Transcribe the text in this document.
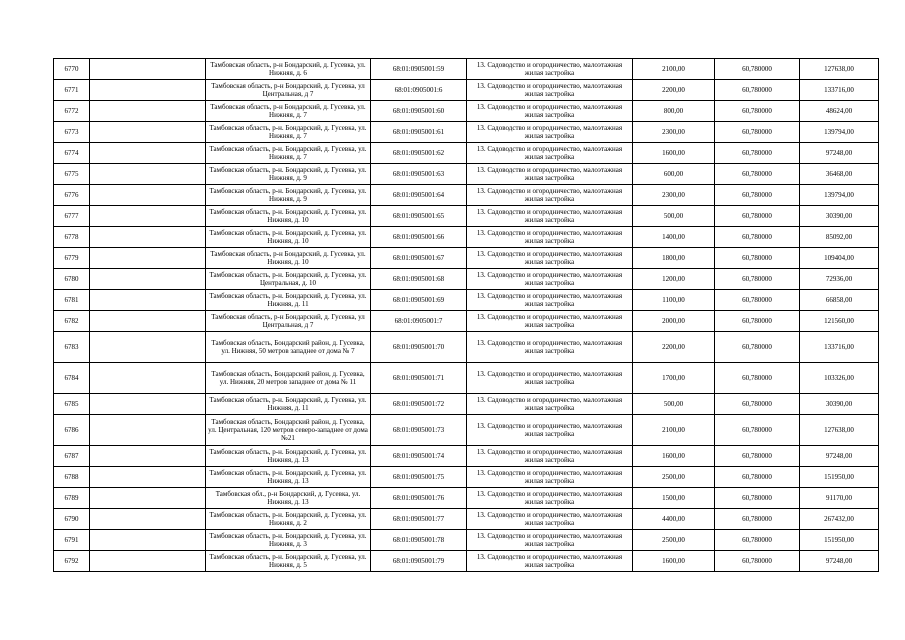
6770		Тамбовская область, р-н Бондарский, д. Гусевка, ул. Нижняя, д. 6	68:01:0905001:59	13. Садоводство и огородничество, малоэтажная жилая застройка	2100,00	60,780000	127638,00
6771		Тамбовская область, р-н Бондарский, д. Гусевка, ул Центральная, д 7	68:01:0905001:6	13. Садоводство и огородничество, малоэтажная жилая застройка	2200,00	60,780000	133716,00
6772		Тамбовская область, р-н Бондарский, д. Гусевка, ул. Нижняя, д. 7	68:01:0905001:60	13. Садоводство и огородничество, малоэтажная жилая застройка	800,00	60,780000	48624,00
6773		Тамбовская область, р-н. Бондарский, д. Гусевка, ул. Нижняя, д. 7	68:01:0905001:61	13. Садоводство и огородничество, малоэтажная жилая застройка	2300,00	60,780000	139794,00
6774		Тамбовская область, р-н. Бондарский, д. Гусевка, ул. Нижняя, д. 7	68:01:0905001:62	13. Садоводство и огородничество, малоэтажная жилая застройка	1600,00	60,780000	97248,00
6775		Тамбовская область, р-н. Бондарский, д. Гусевка, ул. Нижняя, д. 9	68:01:0905001:63	13. Садоводство и огородничество, малоэтажная жилая застройка	600,00	60,780000	36468,00
6776		Тамбовская область, р-н. Бондарский, д. Гусевка, ул. Нижняя, д. 9	68:01:0905001:64	13. Садоводство и огородничество, малоэтажная жилая застройка	2300,00	60,780000	139794,00
6777		Тамбовская область, р-н. Бондарский, д. Гусевка, ул. Нижняя, д. 10	68:01:0905001:65	13. Садоводство и огородничество, малоэтажная жилая застройка	500,00	60,780000	30390,00
6778		Тамбовская область, р-н. Бондарский, д. Гусевка, ул. Нижняя, д. 10	68:01:0905001:66	13. Садоводство и огородничество, малоэтажная жилая застройка	1400,00	60,780000	85092,00
6779		Тамбовская область, р-н Бондарский, д. Гусевка, ул. Нижняя, д. 10	68:01:0905001:67	13. Садоводство и огородничество, малоэтажная жилая застройка	1800,00	60,780000	109404,00
6780		Тамбовская область, р-н. Бондарский, д. Гусевка, ул. Центральная, д. 10	68:01:0905001:68	13. Садоводство и огородничество, малоэтажная жилая застройка	1200,00	60,780000	72936,00
6781		Тамбовская область, р-н. Бондарский, д. Гусевка, ул. Нижняя, д. 11	68:01:0905001:69	13. Садоводство и огородничество, малоэтажная жилая застройка	1100,00	60,780000	66858,00
6782		Тамбовская область, р-н Бондарский, д. Гусевка, ул Центральная, д 7	68:01:0905001:7	13. Садоводство и огородничество, малоэтажная жилая застройка	2000,00	60,780000	121560,00
6783		Тамбовская область, Бондарский район, д. Гусевка, ул. Нижняя, 50 метров западнее от дома № 7	68:01:0905001:70	13. Садоводство и огородничество, малоэтажная жилая застройка	2200,00	60,780000	133716,00
6784		Тамбовская область, Бондарский район, д. Гусевка, ул. Нижняя, 20 метров западнее от дома № 11	68:01:0905001:71	13. Садоводство и огородничество, малоэтажная жилая застройка	1700,00	60,780000	103326,00
6785		Тамбовская область, р-н. Бондарский, д. Гусевка, ул. Нижняя, д. 11	68:01:0905001:72	13. Садоводство и огородничество, малоэтажная жилая застройка	500,00	60,780000	30390,00
6786		Тамбовская область, Бондарский район, д. Гусевка, ул. Центральная, 120 метров северо-западнее от дома №21	68:01:0905001:73	13. Садоводство и огородничество, малоэтажная жилая застройка	2100,00	60,780000	127638,00
6787		Тамбовская область, р-н. Бондарский, д. Гусевка, ул. Нижняя, д. 13	68:01:0905001:74	13. Садоводство и огородничество, малоэтажная жилая застройка	1600,00	60,780000	97248,00
6788		Тамбовская область, р-н. Бондарский, д. Гусевка, ул. Нижняя, д. 13	68:01:0905001:75	13. Садоводство и огородничество, малоэтажная жилая застройка	2500,00	60,780000	151950,00
6789		Тамбовская обл., р-н Бондарский, д. Гусевка, ул. Нижняя, д. 13	68:01:0905001:76	13. Садоводство и огородничество, малоэтажная жилая застройка	1500,00	60,780000	91170,00
6790		Тамбовская область, р-н. Бондарский, д. Гусевка, ул. Нижняя, д. 2	68:01:0905001:77	13. Садоводство и огородничество, малоэтажная жилая застройка	4400,00	60,780000	267432,00
6791		Тамбовская область, р-н. Бондарский, д. Гусевка, ул. Нижняя, д. 3	68:01:0905001:78	13. Садоводство и огородничество, малоэтажная жилая застройка	2500,00	60,780000	151950,00
6792		Тамбовская область, р-н. Бондарский, д. Гусевка, ул. Нижняя, д. 5	68:01:0905001:79	13. Садоводство и огородничество, малоэтажная жилая застройка	1600,00	60,780000	97248,00
